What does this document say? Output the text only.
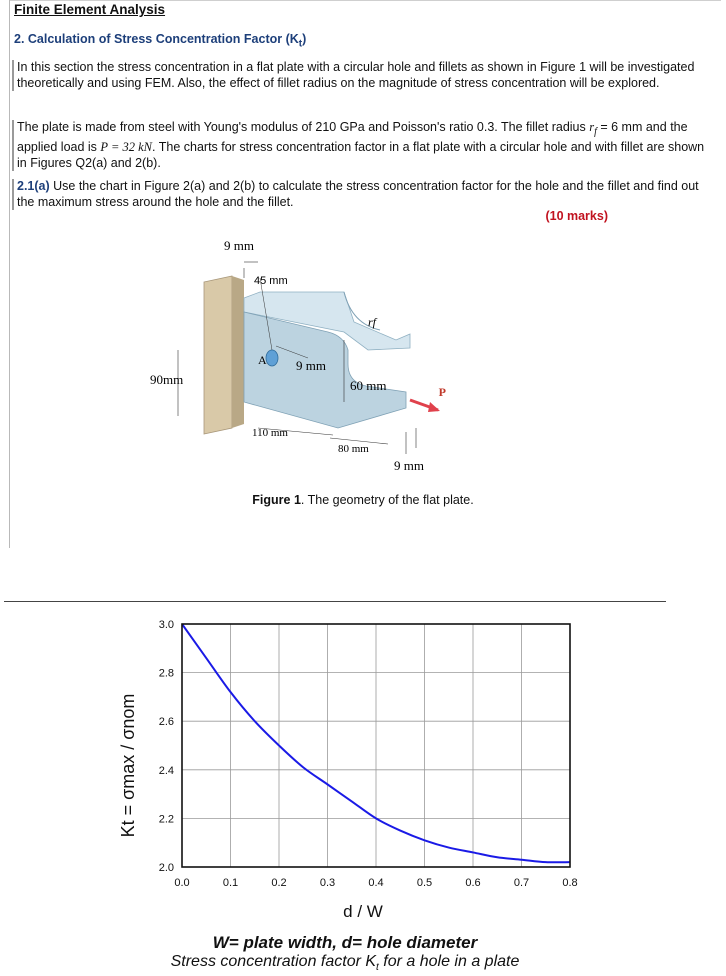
Finite Element Analysis
2. Calculation of Stress Concentration Factor $(K_t)$
In this section the stress concentration in a flat plate with a circular hole and fillets as shown in Figure 1 will be investigated theoretically and using FEM. Also, the effect of fillet radius on the magnitude of stress concentration will be explored.
The plate is made from steel with Young's modulus of 210 GPa and Poisson's ratio 0.3. The fillet radius $r_f = 6$ mm and the applied load is P = 32 kN. The charts for stress concentration factor in a flat plate with a circular hole and with fillet are shown in Figures Q2(a) and 2(b).
2.1(a) Use the chart in Figure 2(a) and 2(b) to calculate the stress concentration factor for the hole and the fillet and find out the maximum stress around the hole and the fillet.
(10 marks)
9 mm
45 mm
rf
A 9 mm
90mm	60 mm	P
110 mm
80 mm
9 mm
Figure 1. The geometry of the flat plate.
0.0	0.1	0.2	0.3	0.4	0.5	0.6	0.7	0.8
2.0
2.2
2.4
2.6
2.8
3.0
Kt = σmax / σnom
d / W
W= plate width, d= hole diameter
Stress concentration factor $K_t$ for a hole in a plate
